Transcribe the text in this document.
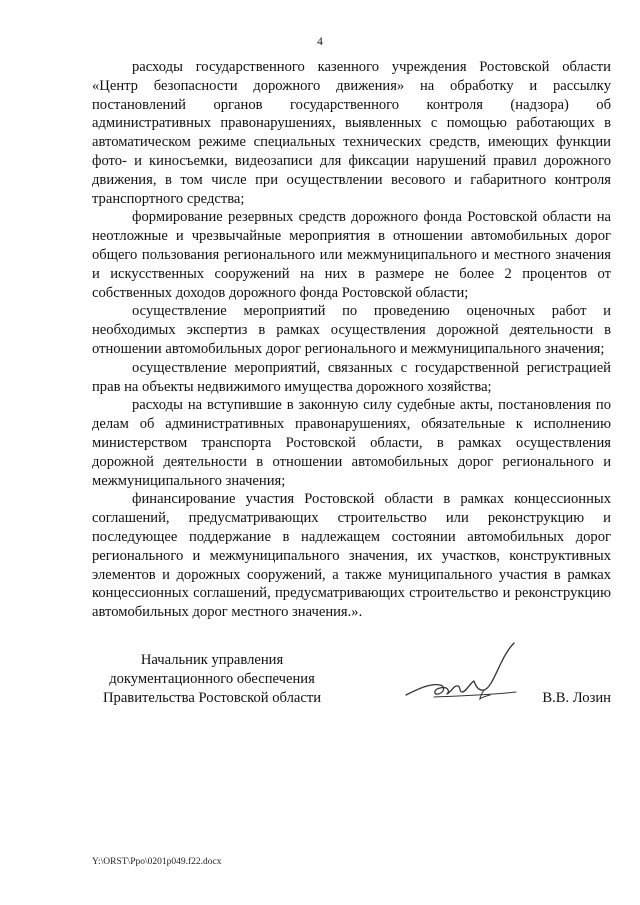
4

расходы государственного казенного учреждения Ростовской области «Центр безопасности дорожного движения» на обработку и рассылку постановлений органов государственного контроля (надзора) об административных правонарушениях, выявленных с помощью работающих в автоматическом режиме специальных технических средств, имеющих функции фото- и киносъемки, видеозаписи для фиксации нарушений правил дорожного движения, в том числе при осуществлении весового и габаритного контроля транспортного средства;

формирование резервных средств дорожного фонда Ростовской области на неотложные и чрезвычайные мероприятия в отношении автомобильных дорог общего пользования регионального или межмуниципального и местного значения и искусственных сооружений на них в размере не более 2 процентов от собственных доходов дорожного фонда Ростовской области;

осуществление мероприятий по проведению оценочных работ и необходимых экспертиз в рамках осуществления дорожной деятельности в отношении автомобильных дорог регионального и межмуниципального значения;

осуществление мероприятий, связанных с государственной регистрацией прав на объекты недвижимого имущества дорожного хозяйства;

расходы на вступившие в законную силу судебные акты, постановления по делам об административных правонарушениях, обязательные к исполнению министерством транспорта Ростовской области, в рамках осуществления дорожной деятельности в отношении автомобильных дорог регионального и межмуниципального значения;

финансирование участия Ростовской области в рамках концессионных соглашений, предусматривающих строительство или реконструкцию и последующее поддержание в надлежащем состоянии автомобильных дорог регионального и межмуниципального значения, их участков, конструктивных элементов и дорожных сооружений, а также муниципального участия в рамках концессионных соглашений, предусматривающих строительство и реконструкцию автомобильных дорог местного значения.».

Начальник управления
документационного обеспечения
Правительства Ростовской области	В.В. Лозин
Y:\ORST\Ppo\0201p049.f22.docx
